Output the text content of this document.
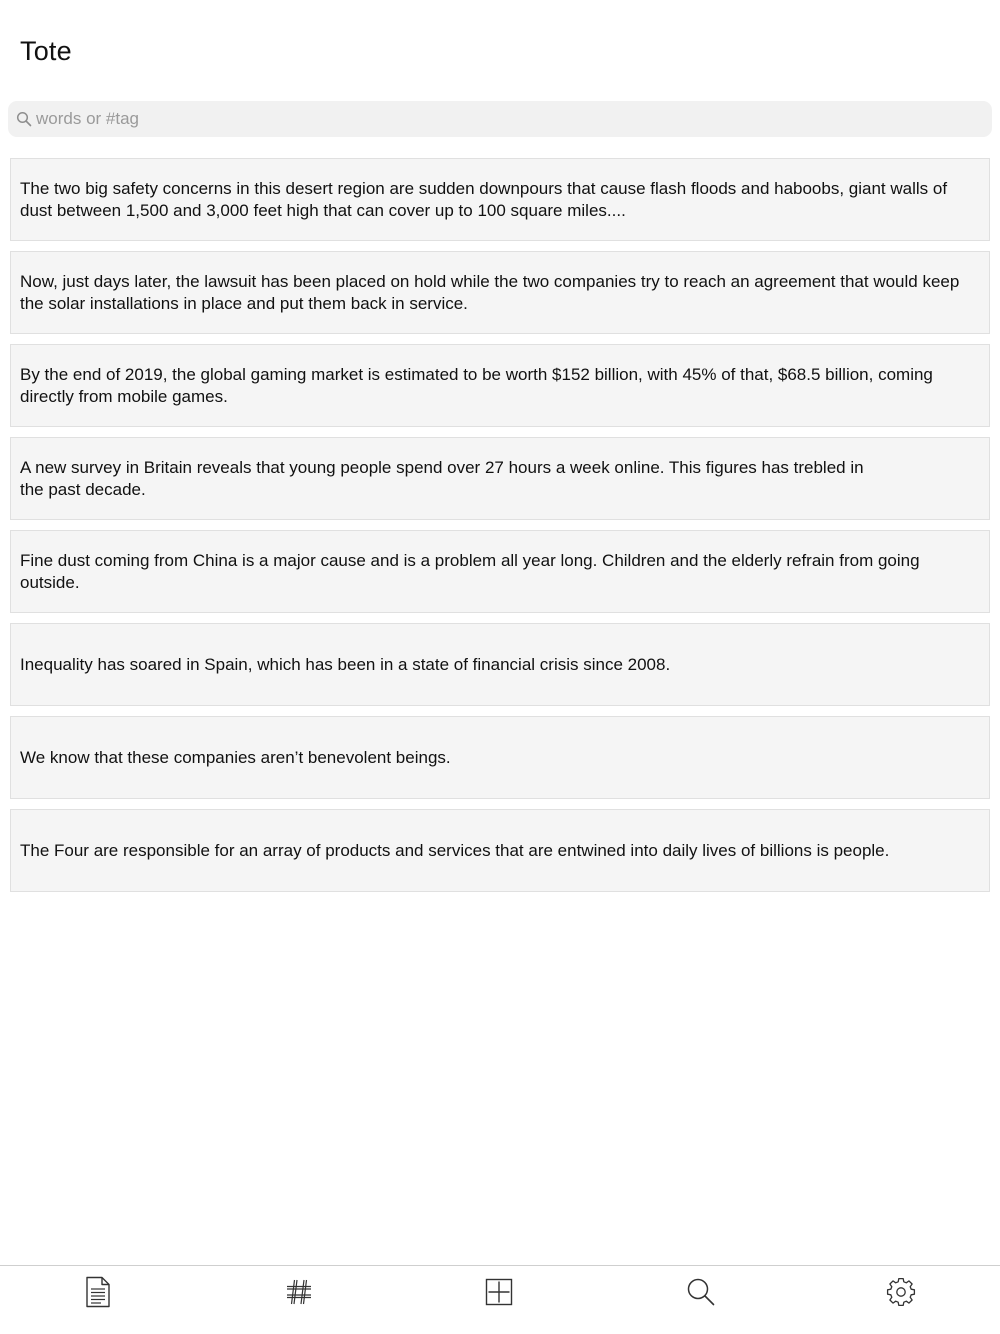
Tote
words or #tag
The two big safety concerns in this desert region are sudden downpours that cause flash floods and haboobs, giant walls of dust between 1,500 and 3,000 feet high that can cover up to 100 square miles....
Now, just days later, the lawsuit has been placed on hold while the two companies try to reach an agreement that would keep the solar installations in place and put them back in service.
By the end of 2019, the global gaming market is estimated to be worth $152 billion, with 45% of that, $68.5 billion, coming directly from mobile games.
A new survey in Britain reveals that young people spend over 27 hours a week online. This figures has trebled in the past decade.
Fine dust coming from China is a major cause and is a problem all year long. Children and the elderly refrain from going outside.
Inequality has soared in Spain, which has been in a state of financial crisis since 2008.
We know that these companies aren’t benevolent beings.
The Four are responsible for an array of products and services that are entwined into daily lives of billions is people.
